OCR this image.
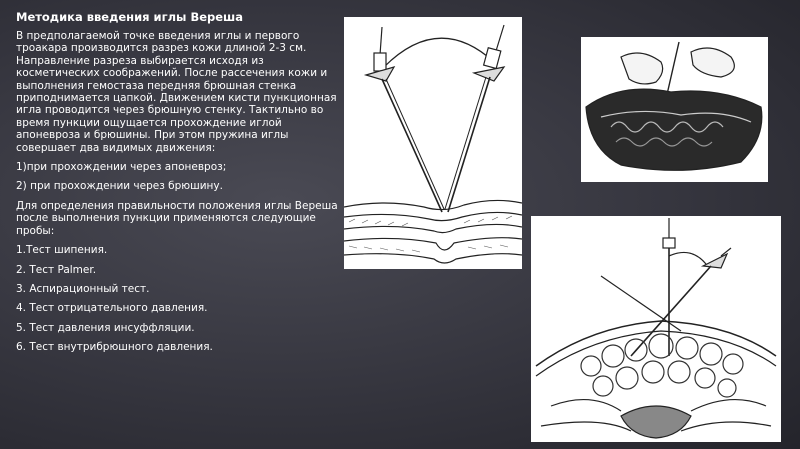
Методика введения иглы Вереша

В предполагаемой точке введения иглы и первого троакара производится разрез кожи длиной 2-3 см. Направление разреза выбирается исходя из косметических соображений. После рассечения кожи и выполнения гемостаза передняя брюшная стенка приподнимается цапкой. Движением кисти пункционная игла проводится через брюшную стенку. Тактильно во время пункции ощущается прохождение иглой апоневроза и брюшины. При этом пружина иглы совершает два видимых движения:

1)при прохождении через апоневроз;

2) при прохождении через брюшину.

Для определения правильности положения иглы Вереша после выполнения пункции применяются следующие пробы:

1.Тест шипения.

2. Тест Palmer.

3. Аспирационный тест.

4. Тест отрицательного давления.

5. Тест давления инсуффляции.

6. Тест внутрибрюшного давления.
